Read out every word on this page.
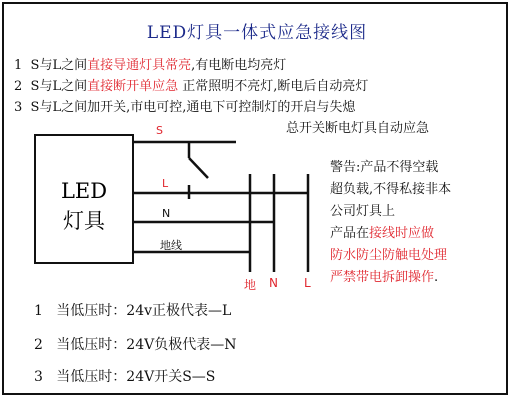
LED灯具一体式应急接线图
1 S与L之间直接导通灯具常亮,有电断电均亮灯
2 S与L之间直接断开单应急 正常照明不亮灯,断电后自动亮灯
3 S与L之间加开关,市电可控,通电下可控制灯的开启与失熄
总开关断电灯具自动应急
LED
灯具
S
L
N
地线
地 N L
警告:产品不得空载
超负载,不得私接非本
公司灯具上
产品在接线时应做
防水防尘防触电处理
严禁带电拆卸操作.
1 当低压时：24v正极代表—L
2 当低压时：24V负极代表—N
3 当低压时：24V开关S—S
